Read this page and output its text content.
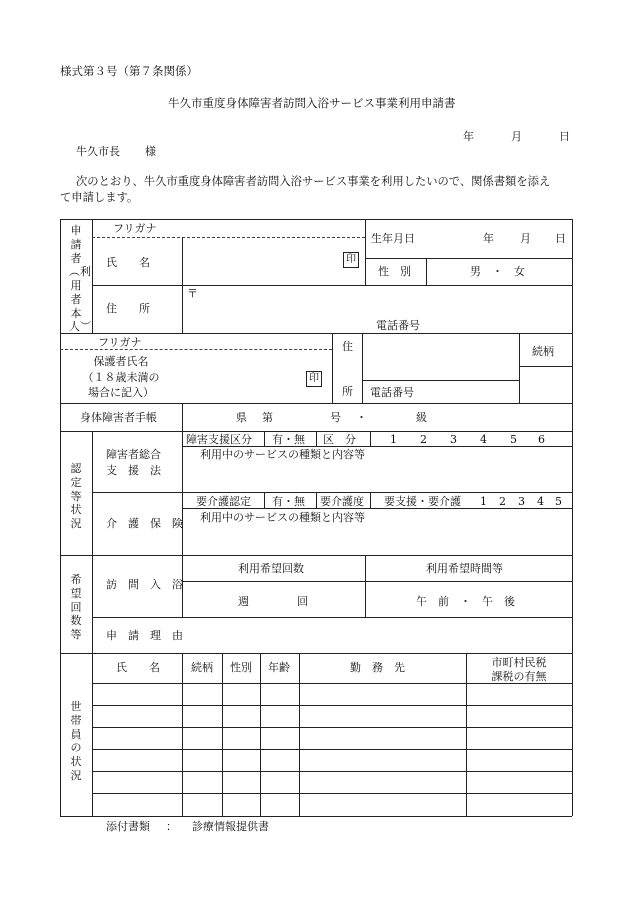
様式第３号（第７条関係）
牛久市重度身体障害者訪問入浴サービス事業利用申請書
年	月	日
牛久市長 様
次のとおり、牛久市重度身体障害者訪問入浴サービス事業を利用したいので、関係書類を添え
て申請します。
申請者︵利用者本人︶
フリガナ
氏　　名	印
生年月日	年 月 日
性　別	男　・　女
住　　所
〒
電話番号
フリガナ
保護者氏名
（１８歳未満の
場合に記入）
印
住
所 電話番号
続柄
身体障害者手帳	県 第	号 ・	級
認定等状況
障害者総合
支　援　法
障害支援区分 有・無 区　分	1 2 3 4 5 6
利用中のサービスの種類と内容等
介　護　保　険
要介護認定 有・無 要介護度 要支援・要介護 1 2 3 4 5
利用中のサービスの種類と内容等
希望回数等
訪　問　入　浴
利用希望回数	利用希望時間等
週	回	午　前　・　午　後
申　請　理　由
世帯員の状況
氏　　名	続柄 性別 年齢	勤　務　先	市町村民税
課税の有無
添付書類 ： 診療情報提供書
